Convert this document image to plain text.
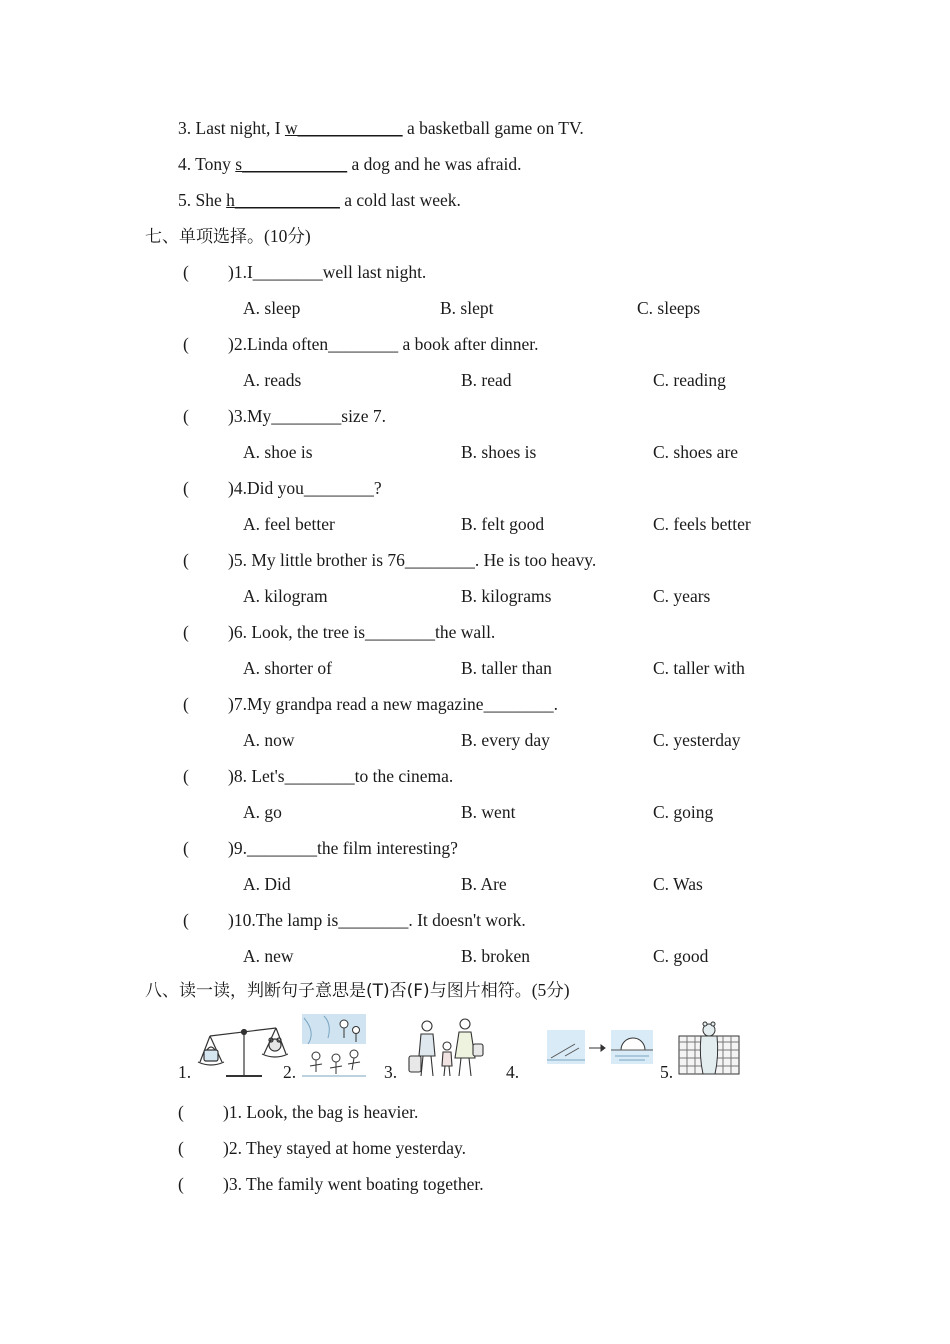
3. Last night, I w____________ a basketball game on TV.
4. Tony s____________ a dog and he was afraid.
5. She h____________ a cold last week.
七、单项选择。(10分)
( )1.I________well last night.
A. sleep	B. slept	C. sleeps
( )2.Linda often________ a book after dinner.
A. reads	B. read	C. reading
( )3.My________size 7.
A. shoe is	B. shoes is	C. shoes are
( )4.Did you________?
A. feel better	B. felt good	C. feels better
( )5. My little brother is 76________. He is too heavy.
A. kilogram	B. kilograms	C. years
( )6. Look, the tree is________the wall.
A. shorter of	B. taller than	C. taller with
( )7.My grandpa read a new magazine________.
A. now	B. every day	C. yesterday
( )8. Let's________to the cinema.
A. go	B. went	C. going
( )9.________the film interesting?
A. Did	B. Are	C. Was
( )10.The lamp is________. It doesn't work.
A. new	B. broken	C. good
八、读一读，判断句子意思是(T)否(F)与图片相符。(5分)
1.	2.	3.	4.	5.
( )1. Look, the bag is heavier.
( )2. They stayed at home yesterday.
( )3. The family went boating together.
